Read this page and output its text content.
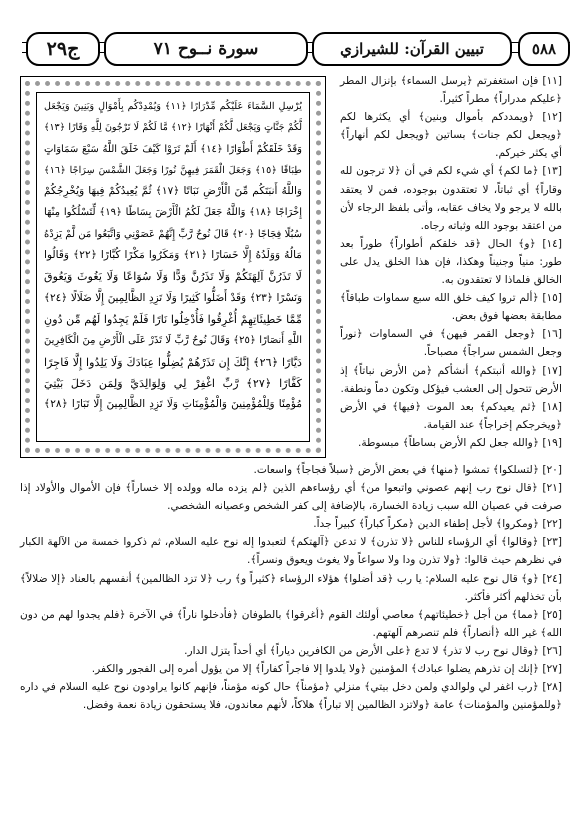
٥٨٨
تبيين القرآن: للشيرازي
سورة نــوح ٧١
ج٢٩
يُرْسِلِ السَّمَاءَ عَلَيْكُم مِّدْرَارًا ﴿١١﴾ وَيُمْدِدْكُم بِأَمْوَالٍ وَبَنِينَ وَيَجْعَل
لَّكُمْ جَنَّاتٍ وَيَجْعَل لَّكُمْ أَنْهَارًا ﴿١٢﴾ مَّا لَكُمْ لَا تَرْجُونَ لِلَّهِ وَقَارًا ﴿١٣﴾
وَقَدْ خَلَقَكُمْ أَطْوَارًا ﴿١٤﴾ أَلَمْ تَرَوْا كَيْفَ خَلَقَ اللَّهُ سَبْعَ سَمَاوَاتٍ
طِبَاقًا ﴿١٥﴾ وَجَعَلَ الْقَمَرَ فِيهِنَّ نُورًا وَجَعَلَ الشَّمْسَ سِرَاجًا ﴿١٦﴾
وَاللَّهُ أَنبَتَكُم مِّنَ الْأَرْضِ نَبَاتًا ﴿١٧﴾ ثُمَّ يُعِيدُكُمْ فِيهَا وَيُخْرِجُكُمْ
إِخْرَاجًا ﴿١٨﴾ وَاللَّهُ جَعَلَ لَكُمُ الْأَرْضَ بِسَاطًا ﴿١٩﴾ لِّتَسْلُكُوا مِنْهَا
سُبُلًا فِجَاجًا ﴿٢٠﴾ قَالَ نُوحٌ رَّبِّ إِنَّهُمْ عَصَوْنِي وَاتَّبَعُوا مَن لَّمْ يَزِدْهُ
مَالُهُ وَوَلَدُهُ إِلَّا خَسَارًا ﴿٢١﴾ وَمَكَرُوا مَكْرًا كُبَّارًا ﴿٢٢﴾ وَقَالُوا
لَا تَذَرُنَّ آلِهَتَكُمْ وَلَا تَذَرُنَّ وَدًّا وَلَا سُوَاعًا وَلَا يَغُوثَ وَيَعُوقَ
وَنَسْرًا ﴿٢٣﴾ وَقَدْ أَضَلُّوا كَثِيرًا وَلَا تَزِدِ الظَّالِمِينَ إِلَّا ضَلَالًا ﴿٢٤﴾
مِّمَّا خَطِيئَاتِهِمْ أُغْرِقُوا فَأُدْخِلُوا نَارًا فَلَمْ يَجِدُوا لَهُم مِّن دُونِ
اللَّهِ أَنصَارًا ﴿٢٥﴾ وَقَالَ نُوحٌ رَّبِّ لَا تَذَرْ عَلَى الْأَرْضِ مِنَ الْكَافِرِينَ
دَيَّارًا ﴿٢٦﴾ إِنَّكَ إِن تَذَرْهُمْ يُضِلُّوا عِبَادَكَ وَلَا يَلِدُوا إِلَّا فَاجِرًا
كَفَّارًا ﴿٢٧﴾ رَّبِّ اغْفِرْ لِي وَلِوَالِدَيَّ وَلِمَن دَخَلَ بَيْتِيَ
مُؤْمِنًا وَلِلْمُؤْمِنِينَ وَالْمُؤْمِنَاتِ وَلَا تَزِدِ الظَّالِمِينَ إِلَّا تَبَارًا ﴿٢٨﴾

[١١] فإن استغفرتم ﴿يرسل السماء﴾ بإنزال المطر ﴿عليكم مدراراً﴾ مطراً كثيراً.

[١٢] ﴿ويمددكم بأموال وبنين﴾ أي يكثرها لكم ﴿ويجعل لكم جنات﴾ بساتين ﴿ويجعل لكم أنهاراً﴾ أي يكثر خيركم.

[١٣] ﴿ما لكم﴾ أي شيء لكم في أن ﴿لا ترجون لله وقاراً﴾ أي ثباتاً، لا تعتقدون بوجوده، فمن لا يعتقد بالله لا يرجو ولا يخاف عقابه، وأتى بلفظ الرجاء لأن من اعتقد بوجود الله وثباته رجاه.

[١٤] ﴿و﴾ الحال ﴿قد خلقكم أطواراً﴾ طوراً بعد طور: منياً وجنيناً وهكذا، فإن هذا الخلق يدل على الخالق فلماذا لا تعتقدون به.

[١٥] ﴿ألم تروا كيف خلق الله سبع سماوات طباقاً﴾ مطابقة بعضها فوق بعض.

[١٦] ﴿وجعل القمر فيهن﴾ في السماوات ﴿نوراً وجعل الشمس سراجاً﴾ مصباحاً.

[١٧] ﴿والله أنبتكم﴾ أنشأكم ﴿من الأرض نباتاً﴾ إذ الأرض تتحول إلى العشب فيؤكل وتكون دماً ونطفة.

[١٨] ﴿ثم يعيدكم﴾ بعد الموت ﴿فيها﴾ في الأرض ﴿ويخرجكم إخراجاً﴾ عند القيامة.

[١٩] ﴿والله جعل لكم الأرض بساطاً﴾ مبسوطة.

[٢٠] ﴿لتسلكوا﴾ تمشوا ﴿منها﴾ في بعض الأرض ﴿سبلاً فجاجاً﴾ واسعات.

[٢١] ﴿قال نوح رب إنهم عصوني واتبعوا من﴾ أي رؤساءهم الذين ﴿لم يزده ماله وولده إلا خساراً﴾ فإن الأموال والأولاد إذا صرفت في عصيان الله سبب زيادة الخسارة، بالإضافة إلى كفر الشخص وعصيانه الشخصي.

[٢٢] ﴿ومكروا﴾ لأجل إطفاء الدين ﴿مكراً كباراً﴾ كبيراً جداً.

[٢٣] ﴿وقالوا﴾ أي الرؤساء للناس ﴿لا تذرن﴾ لا تدعن ﴿آلهتكم﴾ لتعبدوا إله نوح عليه السلام، ثم ذكروا خمسة من الآلهة الكبار في نظرهم حيث قالوا: ﴿ولا تذرن ودا ولا سواعاً ولا يغوث ويعوق ونسراً﴾.

[٢٤] ﴿و﴾ قال نوح عليه السلام: يا رب ﴿قد أضلوا﴾ هؤلاء الرؤساء ﴿كثيراً و﴾ رب ﴿لا تزد الظالمين﴾ أنفسهم بالعناد ﴿إلا ضلالاً﴾ بأن تخذلهم أكثر فأكثر.

[٢٥] ﴿مما﴾ من أجل ﴿خطيئاتهم﴾ معاصي أولئك القوم ﴿أغرقوا﴾ بالطوفان ﴿فأدخلوا ناراً﴾ في الآخرة ﴿فلم يجدوا لهم من دون الله﴾ غير الله ﴿أنصاراً﴾ فلم تنصرهم آلهتهم.

[٢٦] ﴿وقال نوح رب لا تذر﴾ لا تدع ﴿على الأرض من الكافرين دياراً﴾ أي أحداً يتزل الدار.

[٢٧] ﴿إنك إن تذرهم يضلوا عبادك﴾ المؤمنين ﴿ولا يلدوا إلا فاجراً كفاراً﴾ إلا من يؤول أمره إلى الفجور والكفر.

[٢٨] ﴿رب اغفر لي ولوالدي ولمن دخل بيتي﴾ منزلي ﴿مؤمناً﴾ حال كونه مؤمناً، فإنهم كانوا يراودون نوح عليه السلام في داره ﴿وللمؤمنين والمؤمنات﴾ عامة ﴿ولاتزد الظالمين إلا تباراً﴾ هلاكاً، لأنهم معاندون، فلا يستحقون زيادة نعمة وفضل.
